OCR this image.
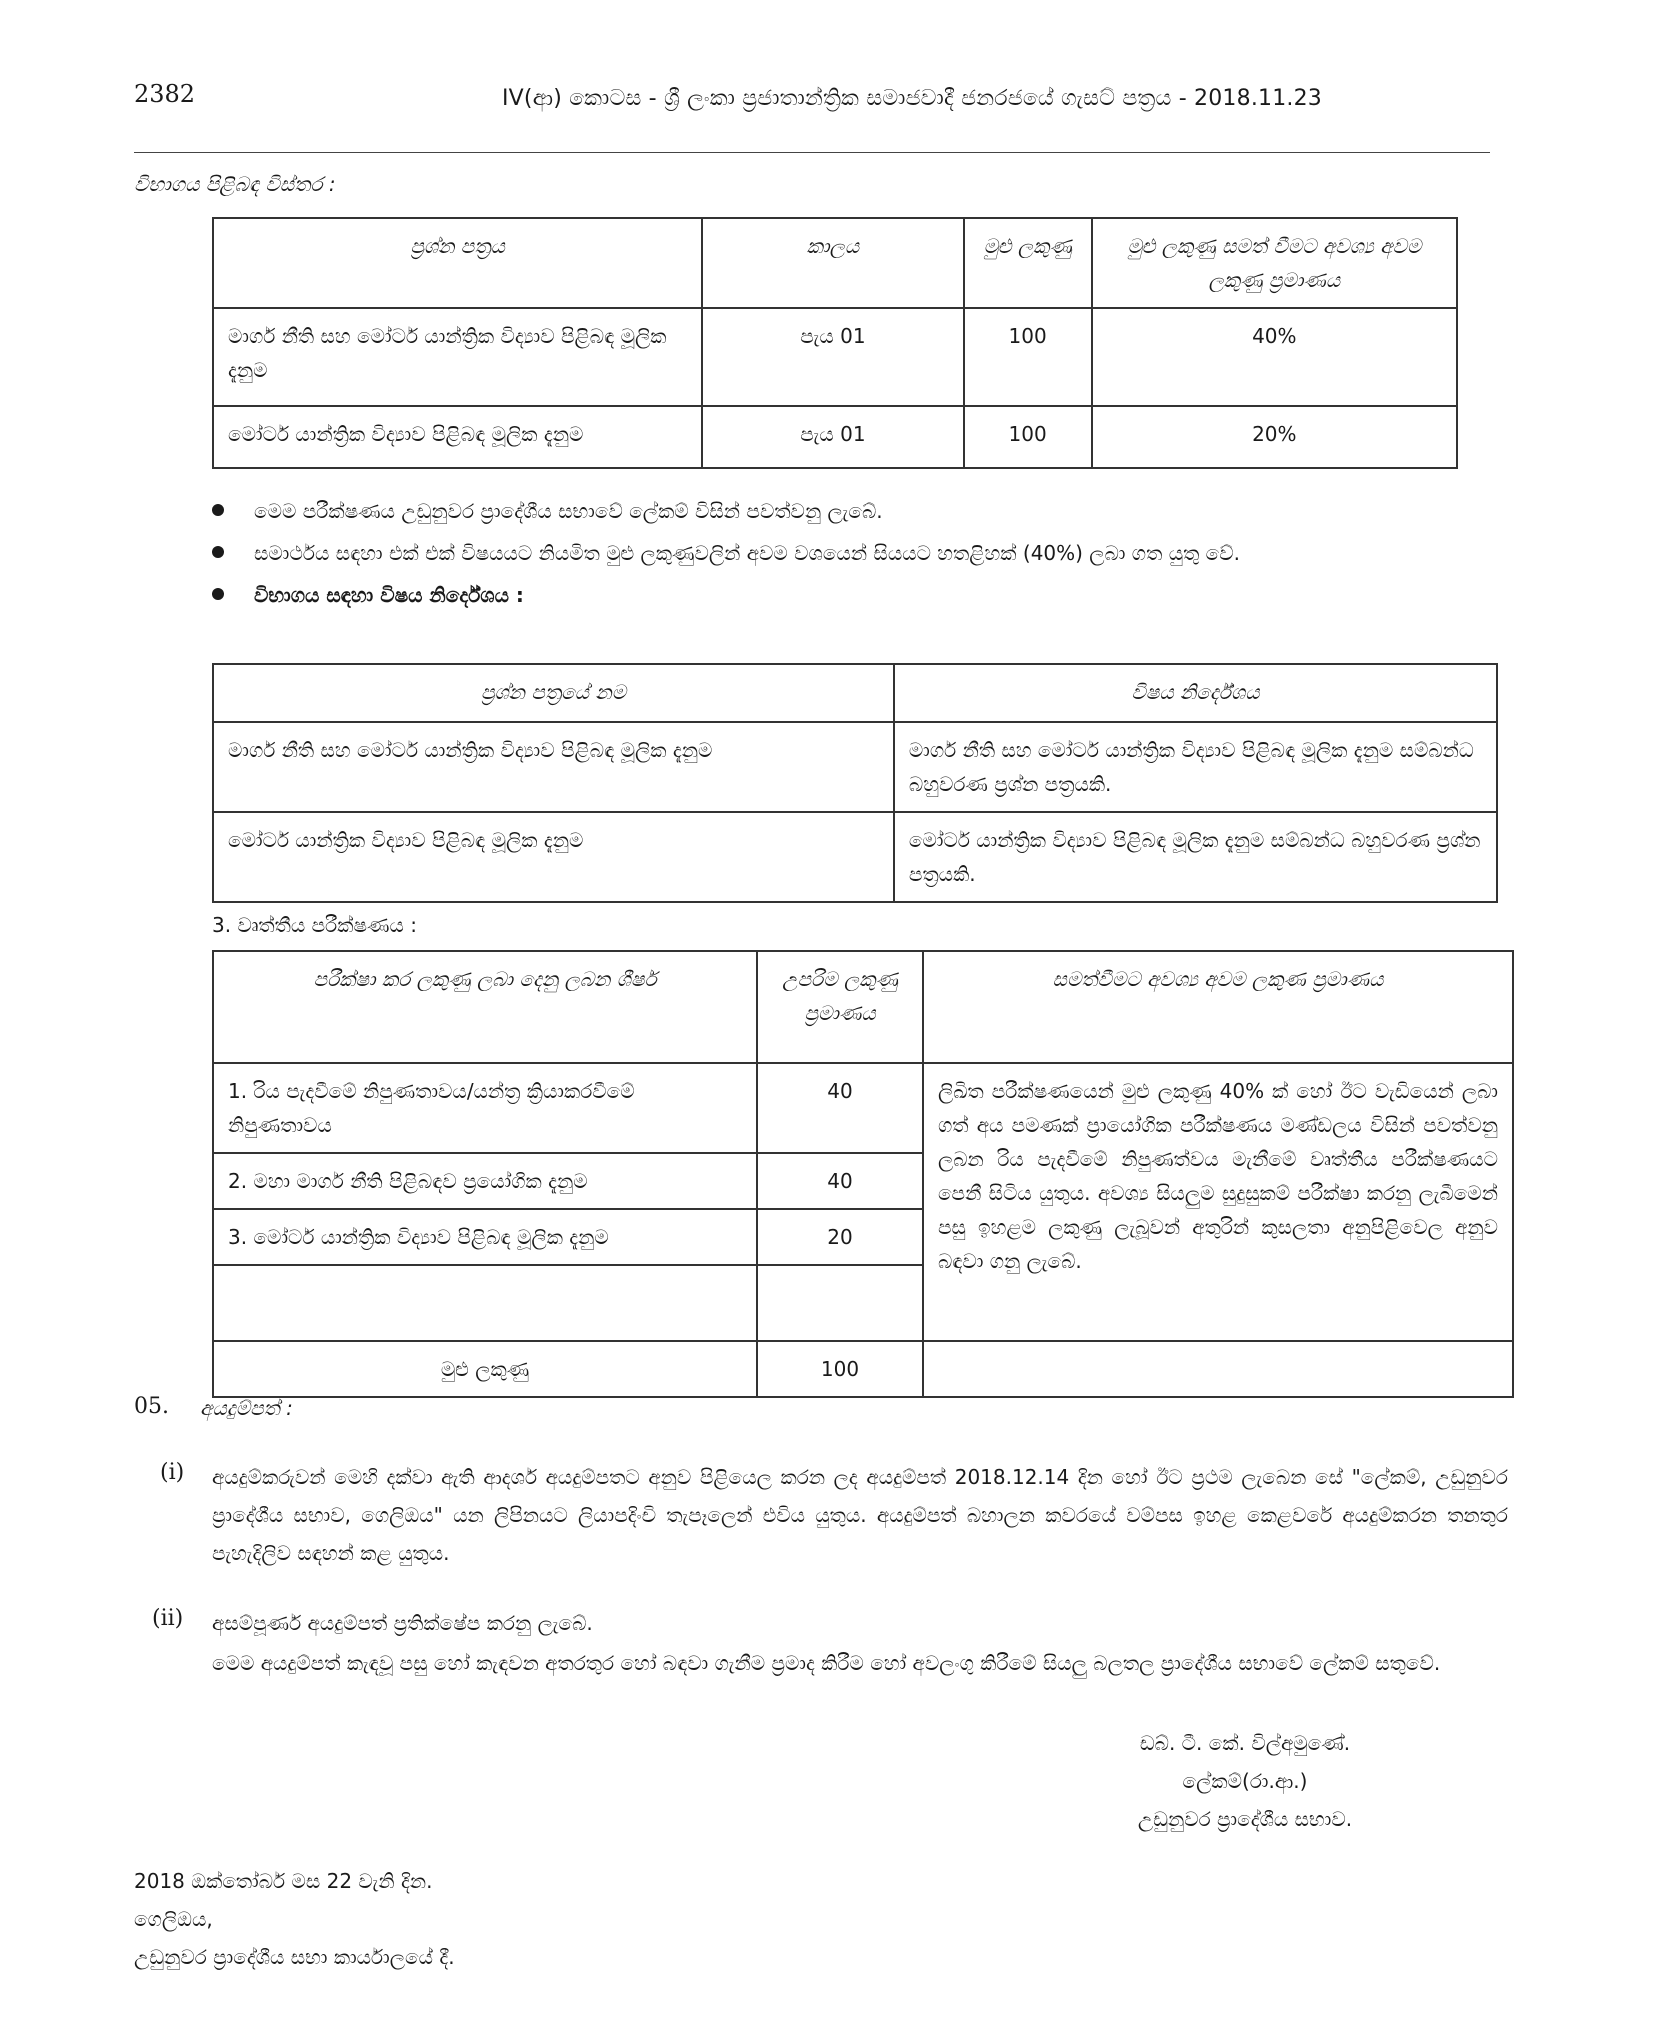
2382	IV(ආ) කොටස - ශ්‍රී ලංකා ප්‍රජාතාන්ත්‍රික සමාජවාදී ජනරජයේ ගැසට් පත්‍රය - 2018.11.23
විභාගය පිළිබඳ විස්තර :
ප්‍රශ්න පත්‍රය	කාලය	මුළු ලකුණු	මුළු ලකුණු සමත් වීමට අවශ්‍ය අවම ලකුණු ප්‍රමාණය
මාර්ග නීති සහ මෝටර් යාන්ත්‍රික විද්‍යාව පිළිබඳ මූලික දැනුම	පැය 01	100	40%
මෝටර් යාන්ත්‍රික විද්‍යාව පිළිබඳ මූලික දැනුම	පැය 01	100	20%
මෙම පරීක්ෂණය උඩුනුවර ප්‍රාදේශීය සභාවේ ලේකම් විසින් පවත්වනු ලැබේ.
සමාර්ථය සඳහා එක් එක් විෂයයට නියමිත මුළු ලකුණුවලින් අවම වශයෙන් සියයට හතළිහක් (40%) ලබා ගත යුතු වේ.
විභාගය සඳහා විෂය නිර්දේශය :
ප්‍රශ්න පත්‍රයේ නම	විෂය නිර්දේශය
මාර්ග නීති සහ මෝටර් යාන්ත්‍රික විද්‍යාව පිළිබඳ මූලික දැනුම	මාර්ග නීති සහ මෝටර් යාන්ත්‍රික විද්‍යාව පිළිබඳ මූලික දැනුම සම්බන්ධ බහුවරණ ප්‍රශ්න පත්‍රයකි.
මෝටර් යාන්ත්‍රික විද්‍යාව පිළිබඳ මූලික දැනුම	මෝටර් යාන්ත්‍රික විද්‍යාව පිළිබඳ මූලික දැනුම සම්බන්ධ බහුවරණ ප්‍රශ්න පත්‍රයකි.
3. වෘත්තීය පරීක්ෂණය :
පරීක්ෂා කර ලකුණු ලබා දෙනු ලබන ශීර්ෂ	උපරිම ලකුණු ප්‍රමාණය	සමත්වීමට අවශ්‍ය අවම ලකුණ ප්‍රමාණය
1. රිය පැදවීමේ නිපුණතාවය/යන්ත්‍ර ක්‍රියාකරවීමේ නිපුණතාවය	40	ලිඛිත පරීක්ෂණයෙන් මුළු ලකුණු 40% ක් හෝ ඊට වැඩියෙන් ලබා ගත් අය පමණක් ප්‍රායෝගික පරීක්ෂණය මණ්ඩලය විසින් පවත්වනු ලබන රිය පැදවීමේ නිපුණත්වය මැනීමේ වෘත්තීය පරීක්ෂණයට පෙනී සිටිය යුතුය. අවශ්‍ය සියලුම සුදුසුකම් පරීක්ෂා කරනු ලැබීමෙන් පසු ඉහළම ලකුණු ලැබූවන් අතුරින් කුසලතා අනුපිළිවෙල අනුව බඳවා ගනු ලැබේ.
2. මහා මාර්ග නීති පිළිබඳව ප්‍රයෝගික දැනුම	40	
3. මෝටර් යාන්ත්‍රික විද්‍යාව පිළිබඳ මූලික දැනුම	20	

මුළු ලකුණු	100	
05. අයදුම්පත් :
(i) අයදුම්කරුවන් මෙහි දක්වා ඇති ආදර්ශ අයදුම්පතට අනුව පිළියෙල කරන ලද අයදුම්පත් 2018.12.14 දින හෝ ඊට ප්‍රථම ලැබෙන සේ "ලේකම්, උඩුනුවර ප්‍රාදේශීය සභාව, ගෙලිඔය" යන ලිපිනයට ලියාපදිංචි තැපෑලෙන් එවිය යුතුය. අයදුම්පත් බහාලන කවරයේ වම්පස ඉහළ කෙළවරේ අයදුම්කරන තනතුර පැහැදිලිව සඳහන් කළ යුතුය.
(ii) අසම්පූර්ණ අයදුම්පත් ප්‍රතික්ෂේප කරනු ලැබේ.
මෙම අයදුම්පත් කැඳවූ පසු හෝ කැඳවන අතරතුර හෝ බඳවා ගැනීම ප්‍රමාද කිරීම හෝ අවලංගු කිරීමේ සියලු බලතල ප්‍රාදේශීය සභාවේ ලේකම් සතුවේ.
ඩබ්. ටී. කේ. විල්අමුණේ.
ලේකම්(රා.ආ.)
උඩුනුවර ප්‍රාදේශීය සභාව.
2018 ඔක්තෝබර් මස 22 වැනි දින.
ගෙලිඔය,
උඩුනුවර ප්‍රාදේශීය සභා කාර්යාලයේ දී.
